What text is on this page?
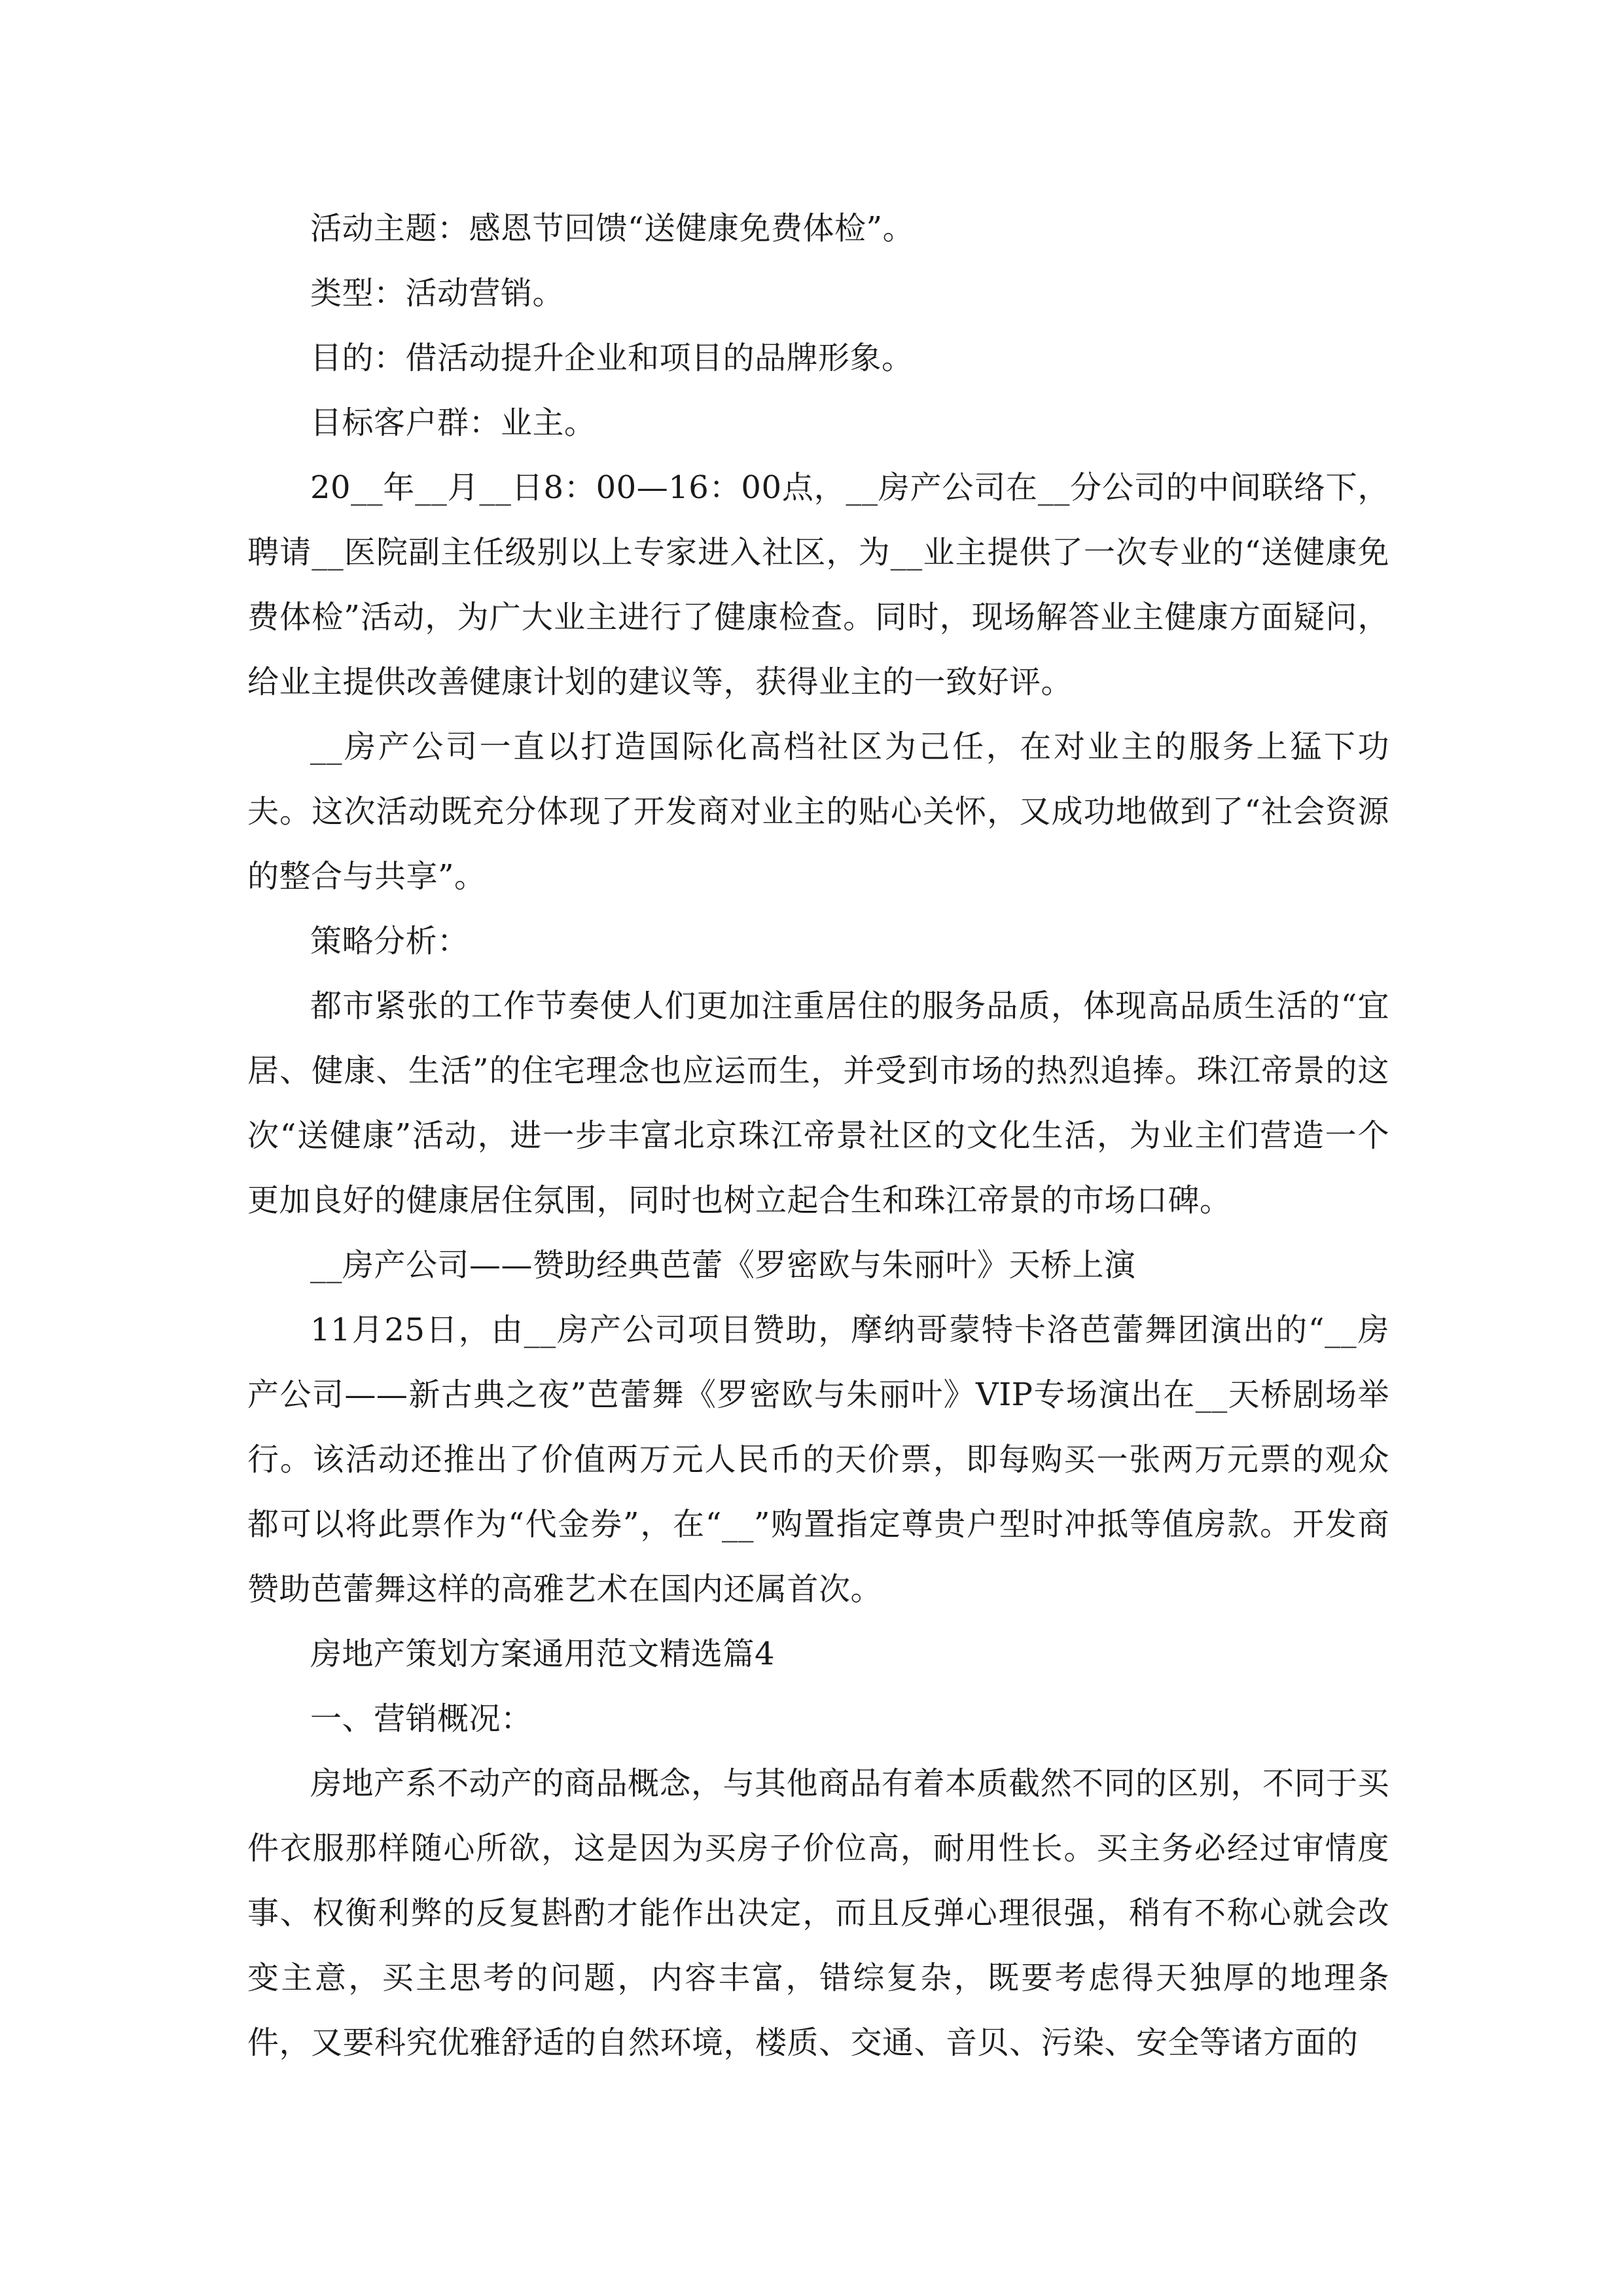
活动主题：感恩节回馈“送健康免费体检”。

类型：活动营销。

目的：借活动提升企业和项目的品牌形象。

目标客户群：业主。

20__年__月__日8：00—16：00点，__房产公司在__分公司的中间联络下，聘请__医院副主任级别以上专家进入社区，为__业主提供了一次专业的“送健康免费体检”活动，为广大业主进行了健康检查。同时，现场解答业主健康方面疑问，给业主提供改善健康计划的建议等，获得业主的一致好评。

__房产公司一直以打造国际化高档社区为己任，在对业主的服务上猛下功夫。这次活动既充分体现了开发商对业主的贴心关怀，又成功地做到了“社会资源的整合与共享”。

策略分析：

都市紧张的工作节奏使人们更加注重居住的服务品质，体现高品质生活的“宜居、健康、生活”的住宅理念也应运而生，并受到市场的热烈追捧。珠江帝景的这次“送健康”活动，进一步丰富北京珠江帝景社区的文化生活，为业主们营造一个更加良好的健康居住氛围，同时也树立起合生和珠江帝景的市场口碑。

__房产公司——赞助经典芭蕾《罗密欧与朱丽叶》天桥上演

11月25日，由__房产公司项目赞助，摩纳哥蒙特卡洛芭蕾舞团演出的“__房产公司——新古典之夜”芭蕾舞《罗密欧与朱丽叶》VIP专场演出在__天桥剧场举行。该活动还推出了价值两万元人民币的天价票，即每购买一张两万元票的观众都可以将此票作为“代金券”，在“__”购置指定尊贵户型时冲抵等值房款。开发商赞助芭蕾舞这样的高雅艺术在国内还属首次。

房地产策划方案通用范文精选篇4

一、营销概况：

房地产系不动产的商品概念，与其他商品有着本质截然不同的区别，不同于买件衣服那样随心所欲，这是因为买房子价位高，耐用性长。买主务必经过审情度事、权衡利弊的反复斟酌才能作出决定，而且反弹心理很强，稍有不称心就会改变主意，买主思考的问题，内容丰富，错综复杂，既要考虑得天独厚的地理条件，又要科究优雅舒适的自然环境，楼质、交通、音贝、污染、安全等诸方面的
